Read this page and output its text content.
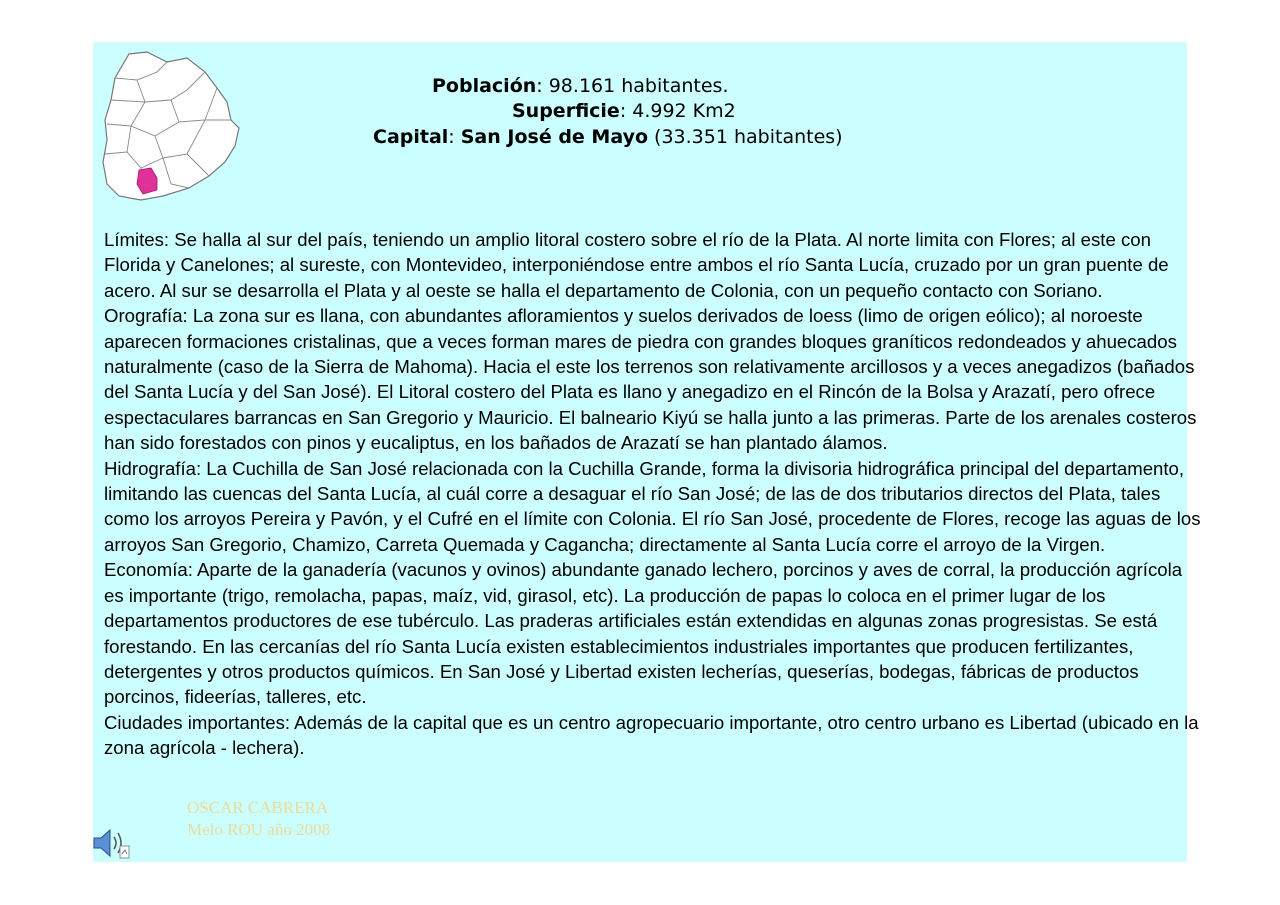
Población: 98.161 habitantes.
Superficie: 4.992 Km2
Capital: San José de Mayo (33.351 habitantes)

Límites: Se halla al sur del país, teniendo un amplio litoral costero sobre el río de la Plata. Al norte limita con Flores; al este con Florida y Canelones; al sureste, con Montevideo, interponiéndose entre ambos el río Santa Lucía, cruzado por un gran puente de acero. Al sur se desarrolla el Plata y al oeste se halla el departamento de Colonia, con un pequeño contacto con Soriano.

Orografía: La zona sur es llana, con abundantes afloramientos y suelos derivados de loess (limo de origen eólico); al noroeste aparecen formaciones cristalinas, que a veces forman mares de piedra con grandes bloques graníticos redondeados y ahuecados naturalmente (caso de la Sierra de Mahoma). Hacia el este los terrenos son relativamente arcillosos y a veces anegadizos (bañados del Santa Lucía y del San José). El Litoral costero del Plata es llano y anegadizo en el Rincón de la Bolsa y Arazatí, pero ofrece espectaculares barrancas en San Gregorio y Mauricio. El balneario Kiyú se halla junto a las primeras. Parte de los arenales costeros han sido forestados con pinos y eucaliptus, en los bañados de Arazatí se han plantado álamos.

Hidrografía: La Cuchilla de San José relacionada con la Cuchilla Grande, forma la divisoria hidrográfica principal del departamento, limitando las cuencas del Santa Lucía, al cuál corre a desaguar el río San José; de las de dos tributarios directos del Plata, tales como los arroyos Pereira y Pavón, y el Cufré en el límite con Colonia. El río San José, procedente de Flores, recoge las aguas de los arroyos San Gregorio, Chamizo, Carreta Quemada y Cagancha; directamente al Santa Lucía corre el arroyo de la Virgen.

Economía: Aparte de la ganadería (vacunos y ovinos) abundante ganado lechero, porcinos y aves de corral, la producción agrícola es importante (trigo, remolacha, papas, maíz, vid, girasol, etc). La producción de papas lo coloca en el primer lugar de los departamentos productores de ese tubérculo. Las praderas artificiales están extendidas en algunas zonas progresistas. Se está forestando. En las cercanías del río Santa Lucía existen establecimientos industriales importantes que producen fertilizantes, detergentes y otros productos químicos. En San José y Libertad existen lecherías, queserías, bodegas, fábricas de productos porcinos, fideerías, talleres, etc.

Ciudades importantes: Además de la capital que es un centro agropecuario importante, otro centro urbano es Libertad (ubicado en la zona agrícola - lechera).

OSCAR CABRERA
Melo ROU año 2008
